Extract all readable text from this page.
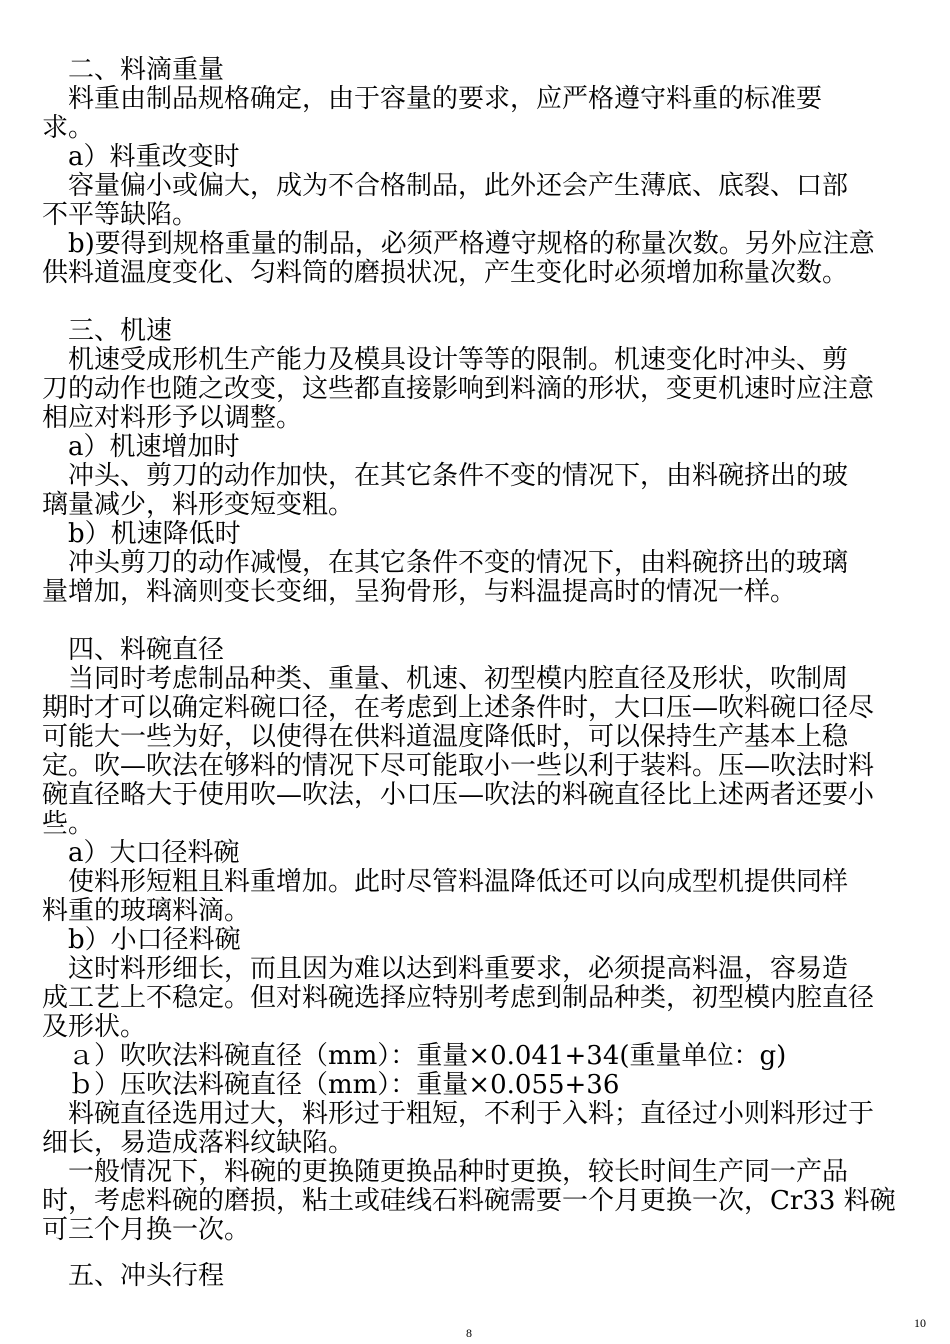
　二、料滴重量
　料重由制品规格确定，由于容量的要求，应严格遵守料重的标准要
求。
　a）料重改变时
　容量偏小或偏大，成为不合格制品，此外还会产生薄底、底裂、口部
不平等缺陷。
　b)要得到规格重量的制品，必须严格遵守规格的称量次数。另外应注意
供料道温度变化、匀料筒的磨损状况，产生变化时必须增加称量次数。
　三、机速
　机速受成形机生产能力及模具设计等等的限制。机速变化时冲头、剪
刀的动作也随之改变，这些都直接影响到料滴的形状，变更机速时应注意
相应对料形予以调整。
　a）机速增加时
　冲头、剪刀的动作加快，在其它条件不变的情况下，由料碗挤出的玻
璃量减少，料形变短变粗。
　b）机速降低时
　冲头剪刀的动作减慢，在其它条件不变的情况下，由料碗挤出的玻璃
量增加，料滴则变长变细，呈狗骨形，与料温提高时的情况一样。
　四、料碗直径
　当同时考虑制品种类、重量、机速、初型模内腔直径及形状，吹制周
期时才可以确定料碗口径，在考虑到上述条件时，大口压—吹料碗口径尽
可能大一些为好，以使得在供料道温度降低时，可以保持生产基本上稳
定。吹—吹法在够料的情况下尽可能取小一些以利于装料。压—吹法时料
碗直径略大于使用吹—吹法，小口压—吹法的料碗直径比上述两者还要小
些。
　a）大口径料碗
　使料形短粗且料重增加。此时尽管料温降低还可以向成型机提供同样
料重的玻璃料滴。
　b）小口径料碗
　这时料形细长，而且因为难以达到料重要求，必须提高料温，容易造
成工艺上不稳定。但对料碗选择应特别考虑到制品种类，初型模内腔直径
及形状。
　ａ）吹吹法料碗直径（mm）：重量×0.041+34(重量单位：g)
　ｂ）压吹法料碗直径（mm）：重量×0.055+36
　料碗直径选用过大，料形过于粗短，不利于入料；直径过小则料形过于
细长，易造成落料纹缺陷。
　一般情况下，料碗的更换随更换品种时更换，较长时间生产同一产品
时，考虑料碗的磨损，粘土或硅线石料碗需要一个月更换一次，Cr33 料碗
可三个月换一次。
　五、冲头行程
10
8
